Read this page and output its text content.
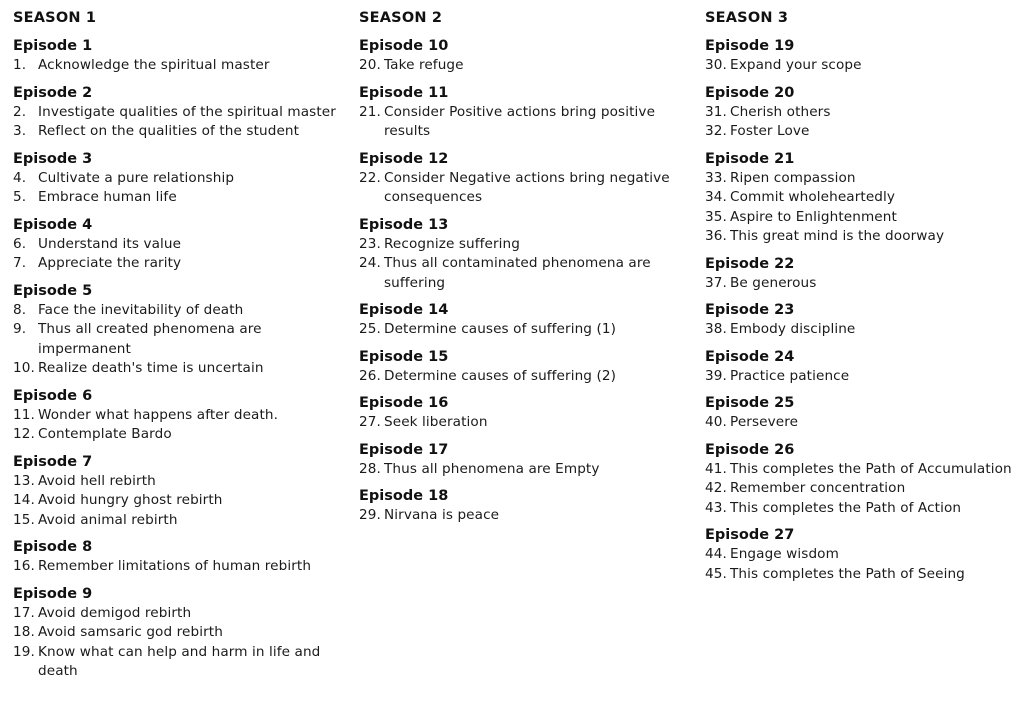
SEASON 1
Episode 1
1. Acknowledge the spiritual master
Episode 2
2. Investigate qualities of the spiritual master
3. Reflect on the qualities of the student
Episode 3
4. Cultivate a pure relationship
5. Embrace human life
Episode 4
6. Understand its value
7. Appreciate the rarity
Episode 5
8. Face the inevitability of death
9. Thus all created phenomena are impermanent
10. Realize death's time is uncertain
Episode 6
11. Wonder what happens after death.
12. Contemplate Bardo
Episode 7
13. Avoid hell rebirth
14. Avoid hungry ghost rebirth
15. Avoid animal rebirth
Episode 8
16. Remember limitations of human rebirth
Episode 9
17. Avoid demigod rebirth
18. Avoid samsaric god rebirth
19. Know what can help and harm in life and death
SEASON 2
Episode 10
20. Take refuge
Episode 11
21. Consider Positive actions bring positive results
Episode 12
22. Consider Negative actions bring negative consequences
Episode 13
23. Recognize suffering
24. Thus all contaminated phenomena are suffering
Episode 14
25. Determine causes of suffering (1)
Episode 15
26. Determine causes of suffering (2)
Episode 16
27. Seek liberation
Episode 17
28. Thus all phenomena are Empty
Episode 18
29. Nirvana is peace
SEASON 3
Episode 19
30. Expand your scope
Episode 20
31. Cherish others
32. Foster Love
Episode 21
33. Ripen compassion
34. Commit wholeheartedly
35. Aspire to Enlightenment
36. This great mind is the doorway
Episode 22
37. Be generous
Episode 23
38. Embody discipline
Episode 24
39. Practice patience
Episode 25
40. Persevere
Episode 26
41. This completes the Path of Accumulation
42. Remember concentration
43. This completes the Path of Action
Episode 27
44. Engage wisdom
45. This completes the Path of Seeing
